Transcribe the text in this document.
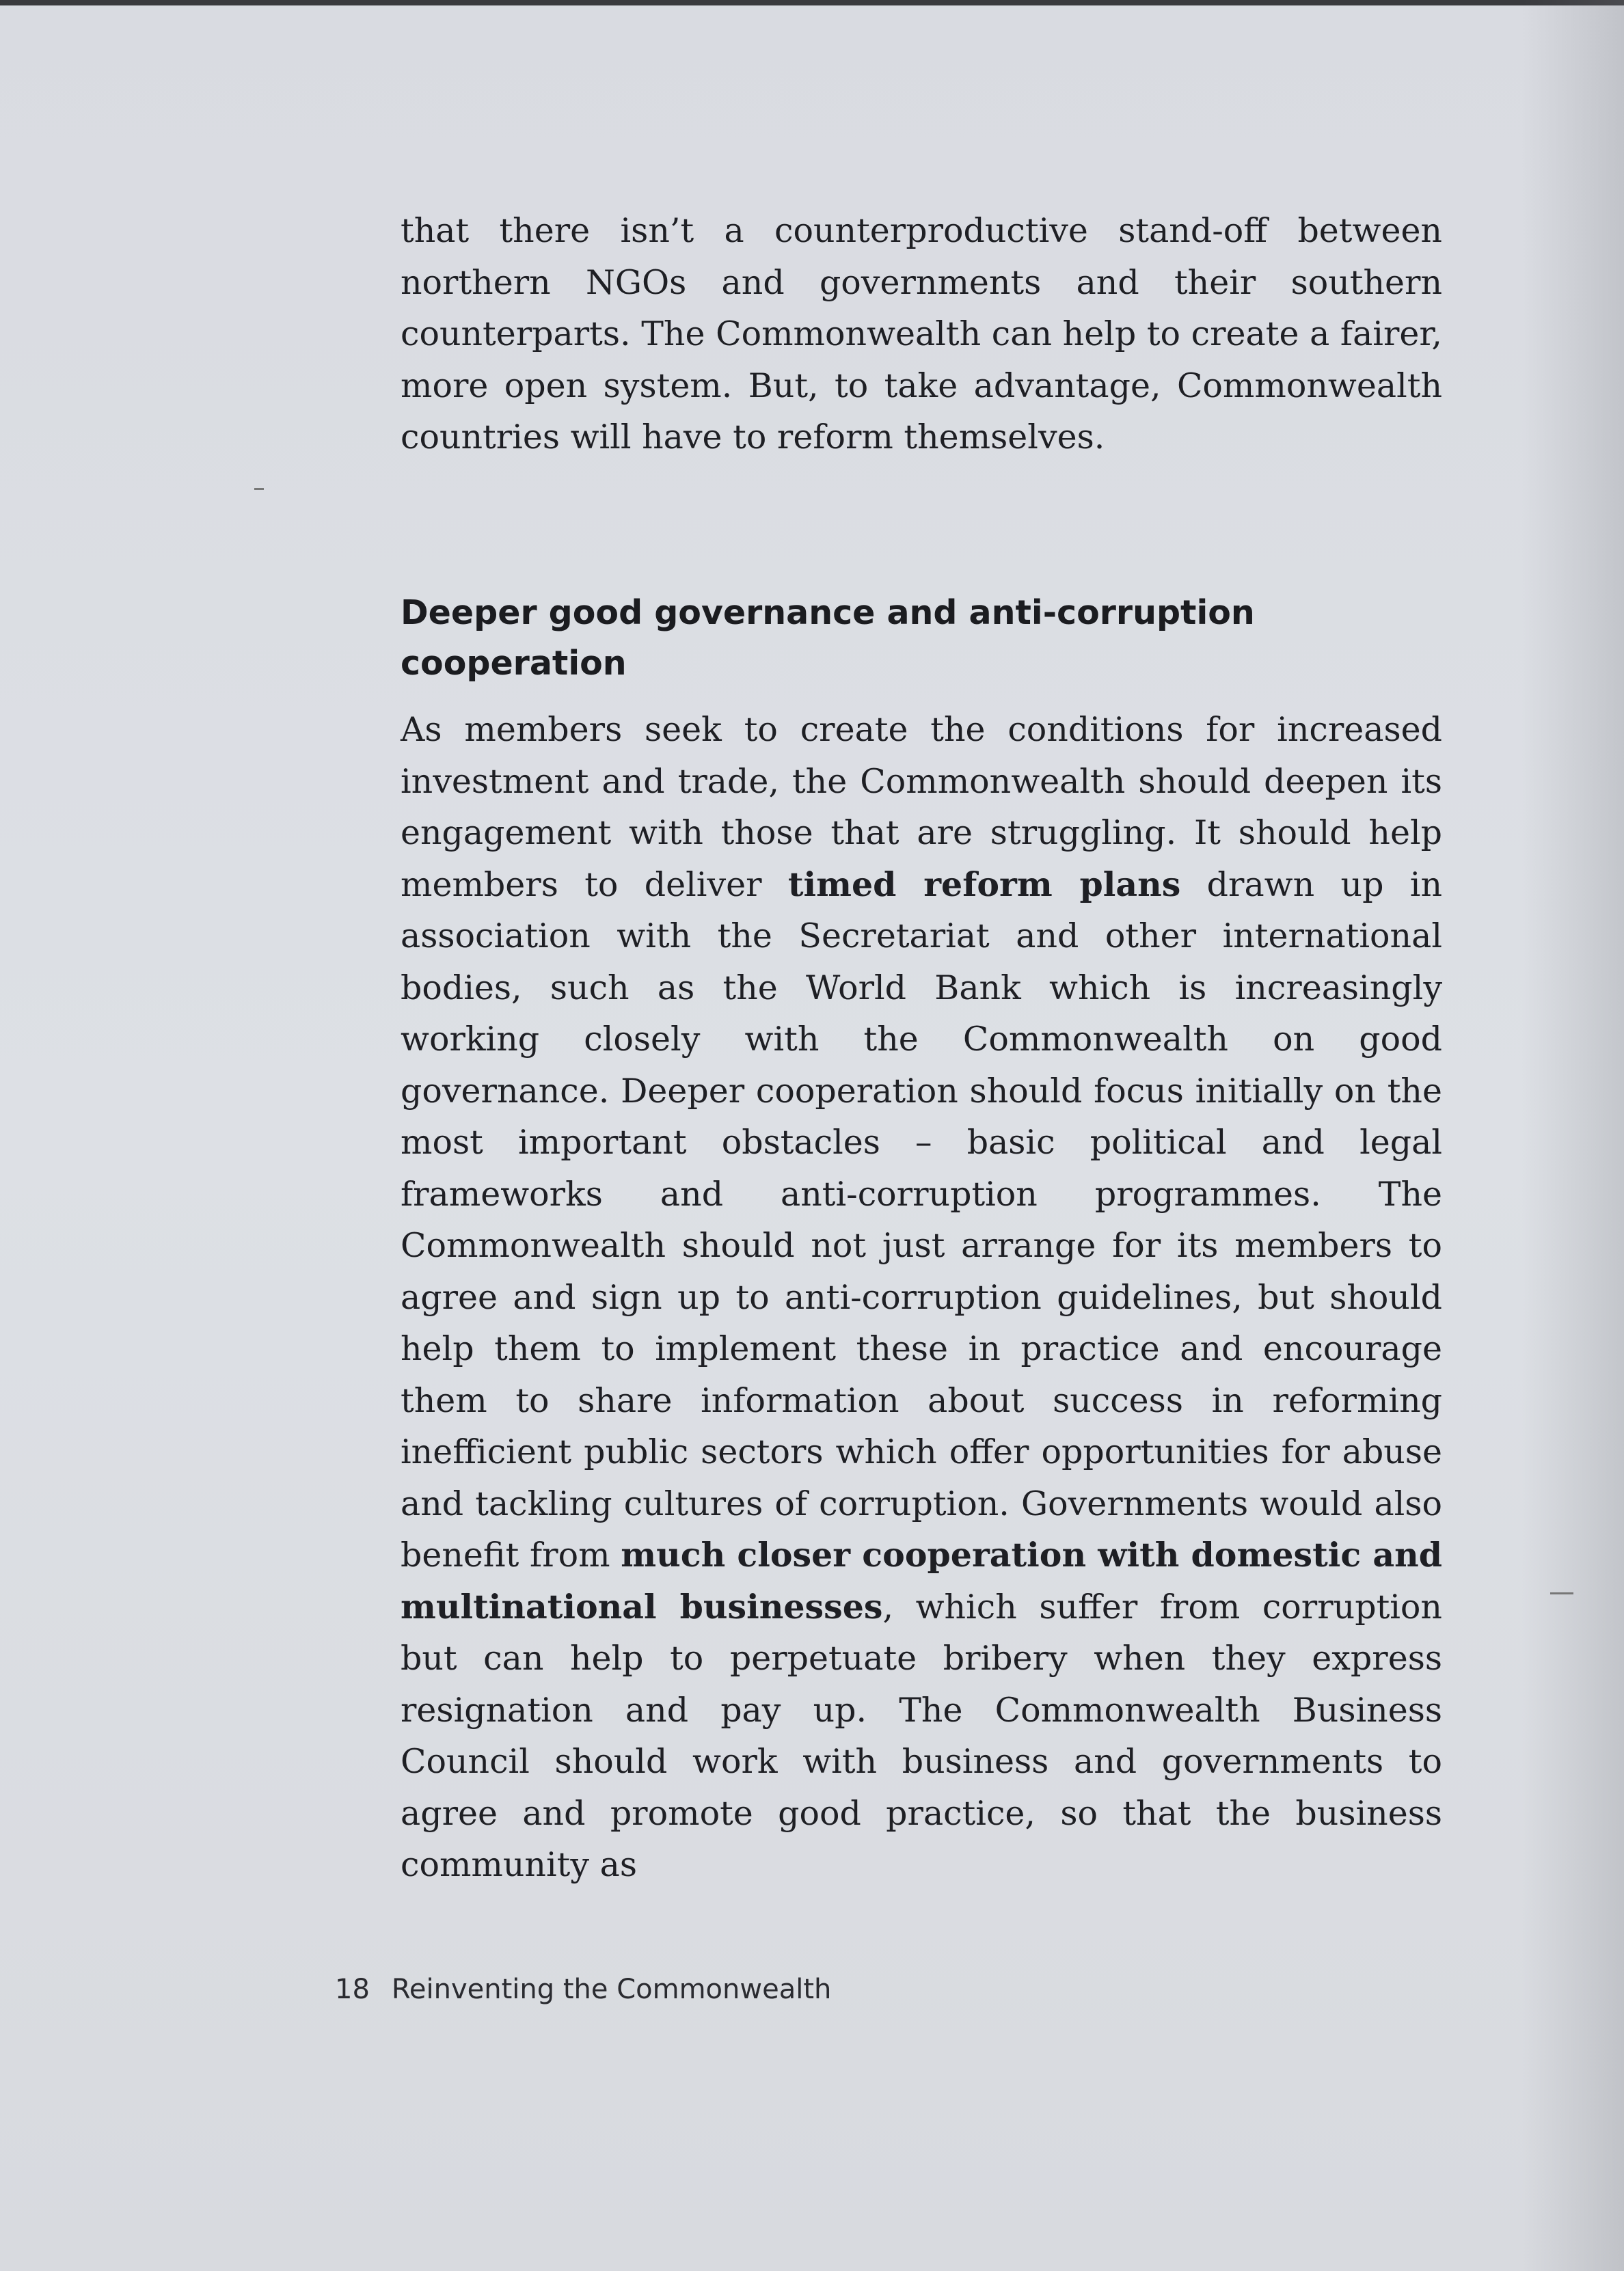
that there isn’t a counterproductive stand-off between northern NGOs and governments and their southern counterparts. The Commonwealth can help to create a fairer, more open system. But, to take advantage, Commonwealth countries will have to reform themselves.

Deeper good governance and anti-corruption cooperation

As members seek to create the conditions for increased investment and trade, the Commonwealth should deepen its engagement with those that are struggling. It should help members to deliver timed reform plans drawn up in association with the Secretariat and other international bodies, such as the World Bank which is increasingly working closely with the Commonwealth on good governance. Deeper cooperation should focus initially on the most important obstacles – basic political and legal frameworks and anti-corruption programmes. The Commonwealth should not just arrange for its members to agree and sign up to anti-corruption guidelines, but should help them to implement these in practice and encourage them to share information about success in reforming inefficient public sectors which offer opportunities for abuse and tackling cultures of corruption. Governments would also benefit from much closer cooperation with domestic and multinational businesses, which suffer from corruption but can help to perpetuate bribery when they express resignation and pay up. The Commonwealth Business Council should work with business and governments to agree and promote good practice, so that the business community as

18 Reinventing the Commonwealth
